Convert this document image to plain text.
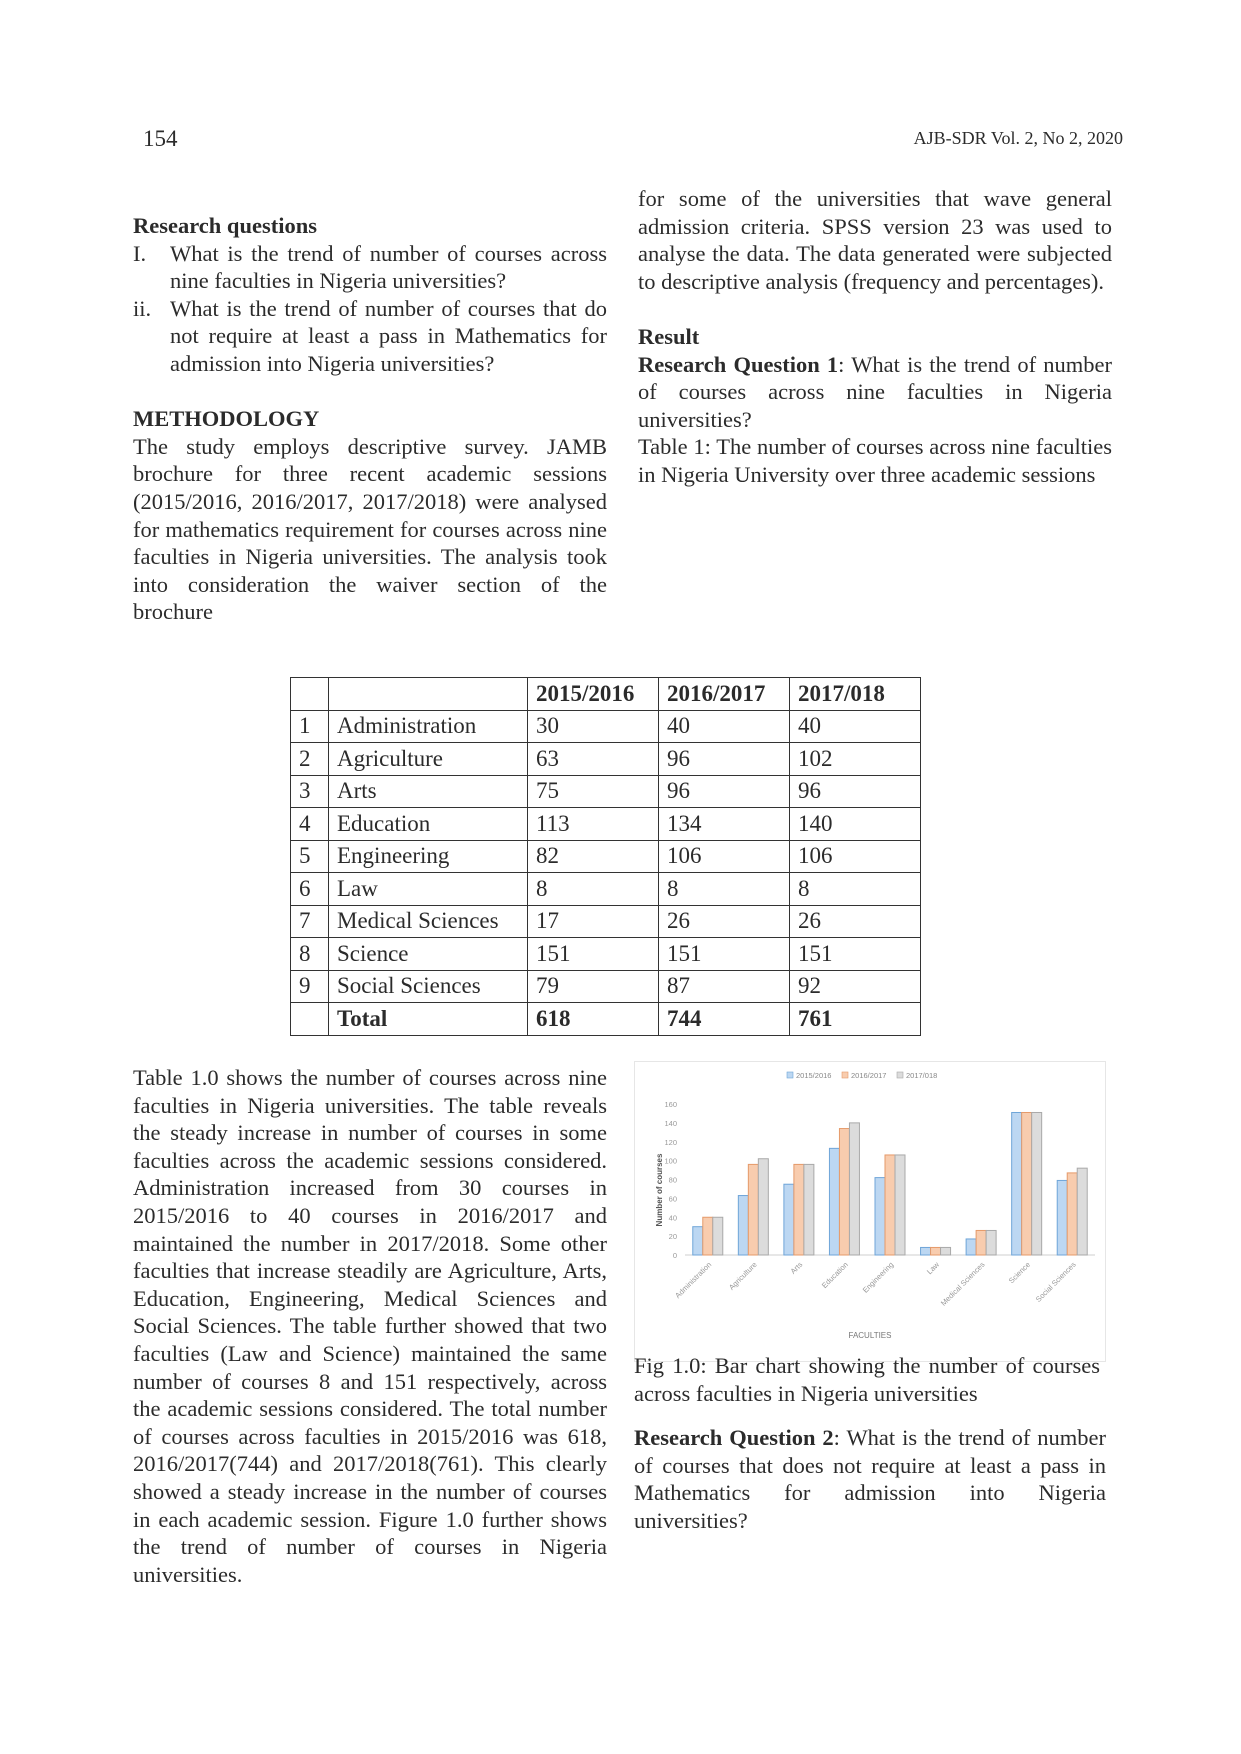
154	AJB-SDR Vol. 2, No 2, 2020
Research questions
I.	What is the trend of number of courses across nine faculties in Nigeria universities?
ii. What is the trend of number of courses that do not require at least a pass in Mathematics for admission into Nigeria universities?
METHODOLOGY

The study employs descriptive survey. JAMB brochure for three recent academic sessions (2015/2016, 2016/2017, 2017/2018) were analysed for mathematics requirement for courses across nine faculties in Nigeria universities. The analysis took into consideration the waiver section of the brochure

for some of the universities that wave general admission criteria. SPSS version 23 was used to analyse the data. The data generated were subjected to descriptive analysis (frequency and percentages).

Result

Research Question 1: What is the trend of number of courses across nine faculties in Nigeria universities?

Table 1: The number of courses across nine faculties in Nigeria University over three academic sessions

		2015/2016	2016/2017	2017/018
1	Administration	30	40	40
2	Agriculture	63	96	102
3	Arts	75	96	96
4	Education	113	134	140
5	Engineering	82	106	106
6	Law	8	8	8
7	Medical Sciences	17	26	26
8	Science	151	151	151
9	Social Sciences	79	87	92
	Total	618	744	761

Table 1.0 shows the number of courses across nine faculties in Nigeria universities. The table reveals the steady increase in number of courses in some faculties across the academic sessions considered. Administration increased from 30 courses in 2015/2016 to 40 courses in 2016/2017 and maintained the number in 2017/2018. Some other faculties that increase steadily are Agriculture, Arts, Education, Engineering, Medical Sciences and Social Sciences. The table further showed that two faculties (Law and Science) maintained the same number of courses 8 and 151 respectively, across the academic sessions considered. The total number of courses across faculties in 2015/2016 was 618, 2016/2017(744) and 2017/2018(761). This clearly showed a steady increase in the number of courses in each academic session. Figure 1.0 further shows the trend of number of courses in Nigeria universities.

2015/2016	2016/2017	2017/018
0
20
40
60
80
100
120
140
160
Administration Agriculture	Arts Education Engineering	Law
Medical Sciences	Science Social Sciences
Number of courses
FACULTIES
Fig 1.0: Bar chart showing the number of courses across faculties in Nigeria universities
Research Question 2: What is the trend of number of courses that does not require at least a pass in Mathematics for admission into Nigeria universities?
